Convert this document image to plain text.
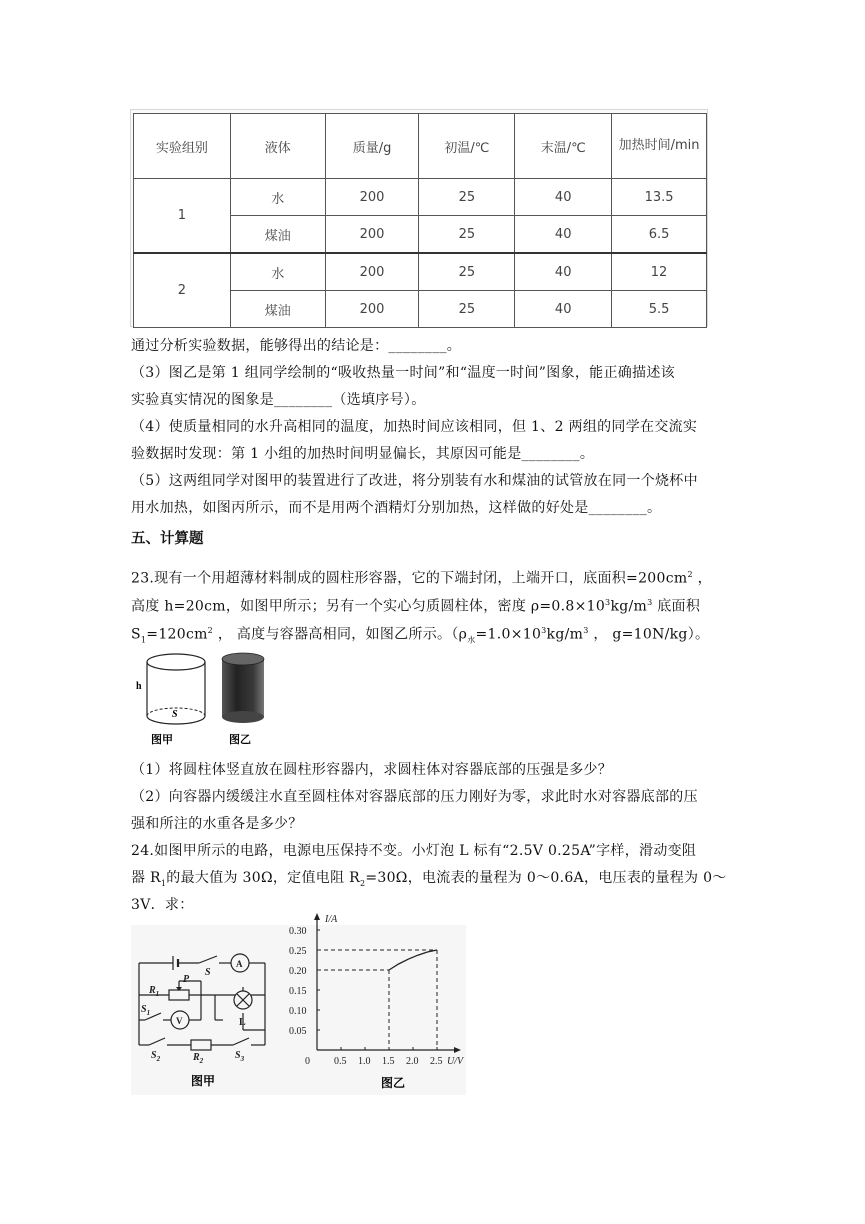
实验组别	液体	质量/g	初温/℃	末温/℃	加热时间/min

1	水	200	25	40	13.5
	煤油	200	25	40	6.5
2	水	200	25	40	12
	煤油	200	25	40	5.5

通过分析实验数据，能够得出的结论是：________。

（3）图乙是第 1 组同学绘制的“吸收热量一时间”和“温度一时间”图象，能正确描述该

实验真实情况的图象是________（选填序号）。

（4）使质量相同的水升高相同的温度，加热时间应该相同，但 1、2 两组的同学在交流实

验数据时发现：第 1 小组的加热时间明显偏长，其原因可能是________。

（5）这两组同学对图甲的装置进行了改进，将分别装有水和煤油的试管放在同一个烧杯中

用水加热，如图丙所示，而不是用两个酒精灯分别加热，这样做的好处是________。

五、计算题

23.现有一个用超薄材料制成的圆柱形容器，它的下端封闭，上端开口，底面积$=200cm^2$ ，

高度 h=20cm，如图甲所示；另有一个实心匀质圆柱体，密度 $\rho=0.8\times 10^3kg/m^3$ 底面积

$S_1=120cm^2$ ， 高度与容器高相同，如图乙所示。（$\rho_水=1.0\times 10^3kg/m^3$ ， g=10N/kg）。

h
S
图甲	图乙

（1）将圆柱体竖直放在圆柱形容器内，求圆柱体对容器底部的压强是多少？

（2）向容器内缓缓注水直至圆柱体对容器底部的压力刚好为零，求此时水对容器底部的压

强和所注的水重各是多少？

24.如图甲所示的电路，电源电压保持不变。小灯泡 L 标有“2.5V 0.25A”字样，滑动变阻

器 $R_1$的最大值为 30Ω，定值电阻 $R_2=30\Omega$，电流表的量程为 0～0.6A，电压表的量程为 0～

3V．求：

A
V
S
P
$R_1$
L
$S_1$
$S_2$	$R_2$	$S_3$
图甲
0.30
0.25
0.20
0.15
0.10
0.05
0 0.5 1.0 1.5 2.0 2.5
I/A
U/V
图乙
